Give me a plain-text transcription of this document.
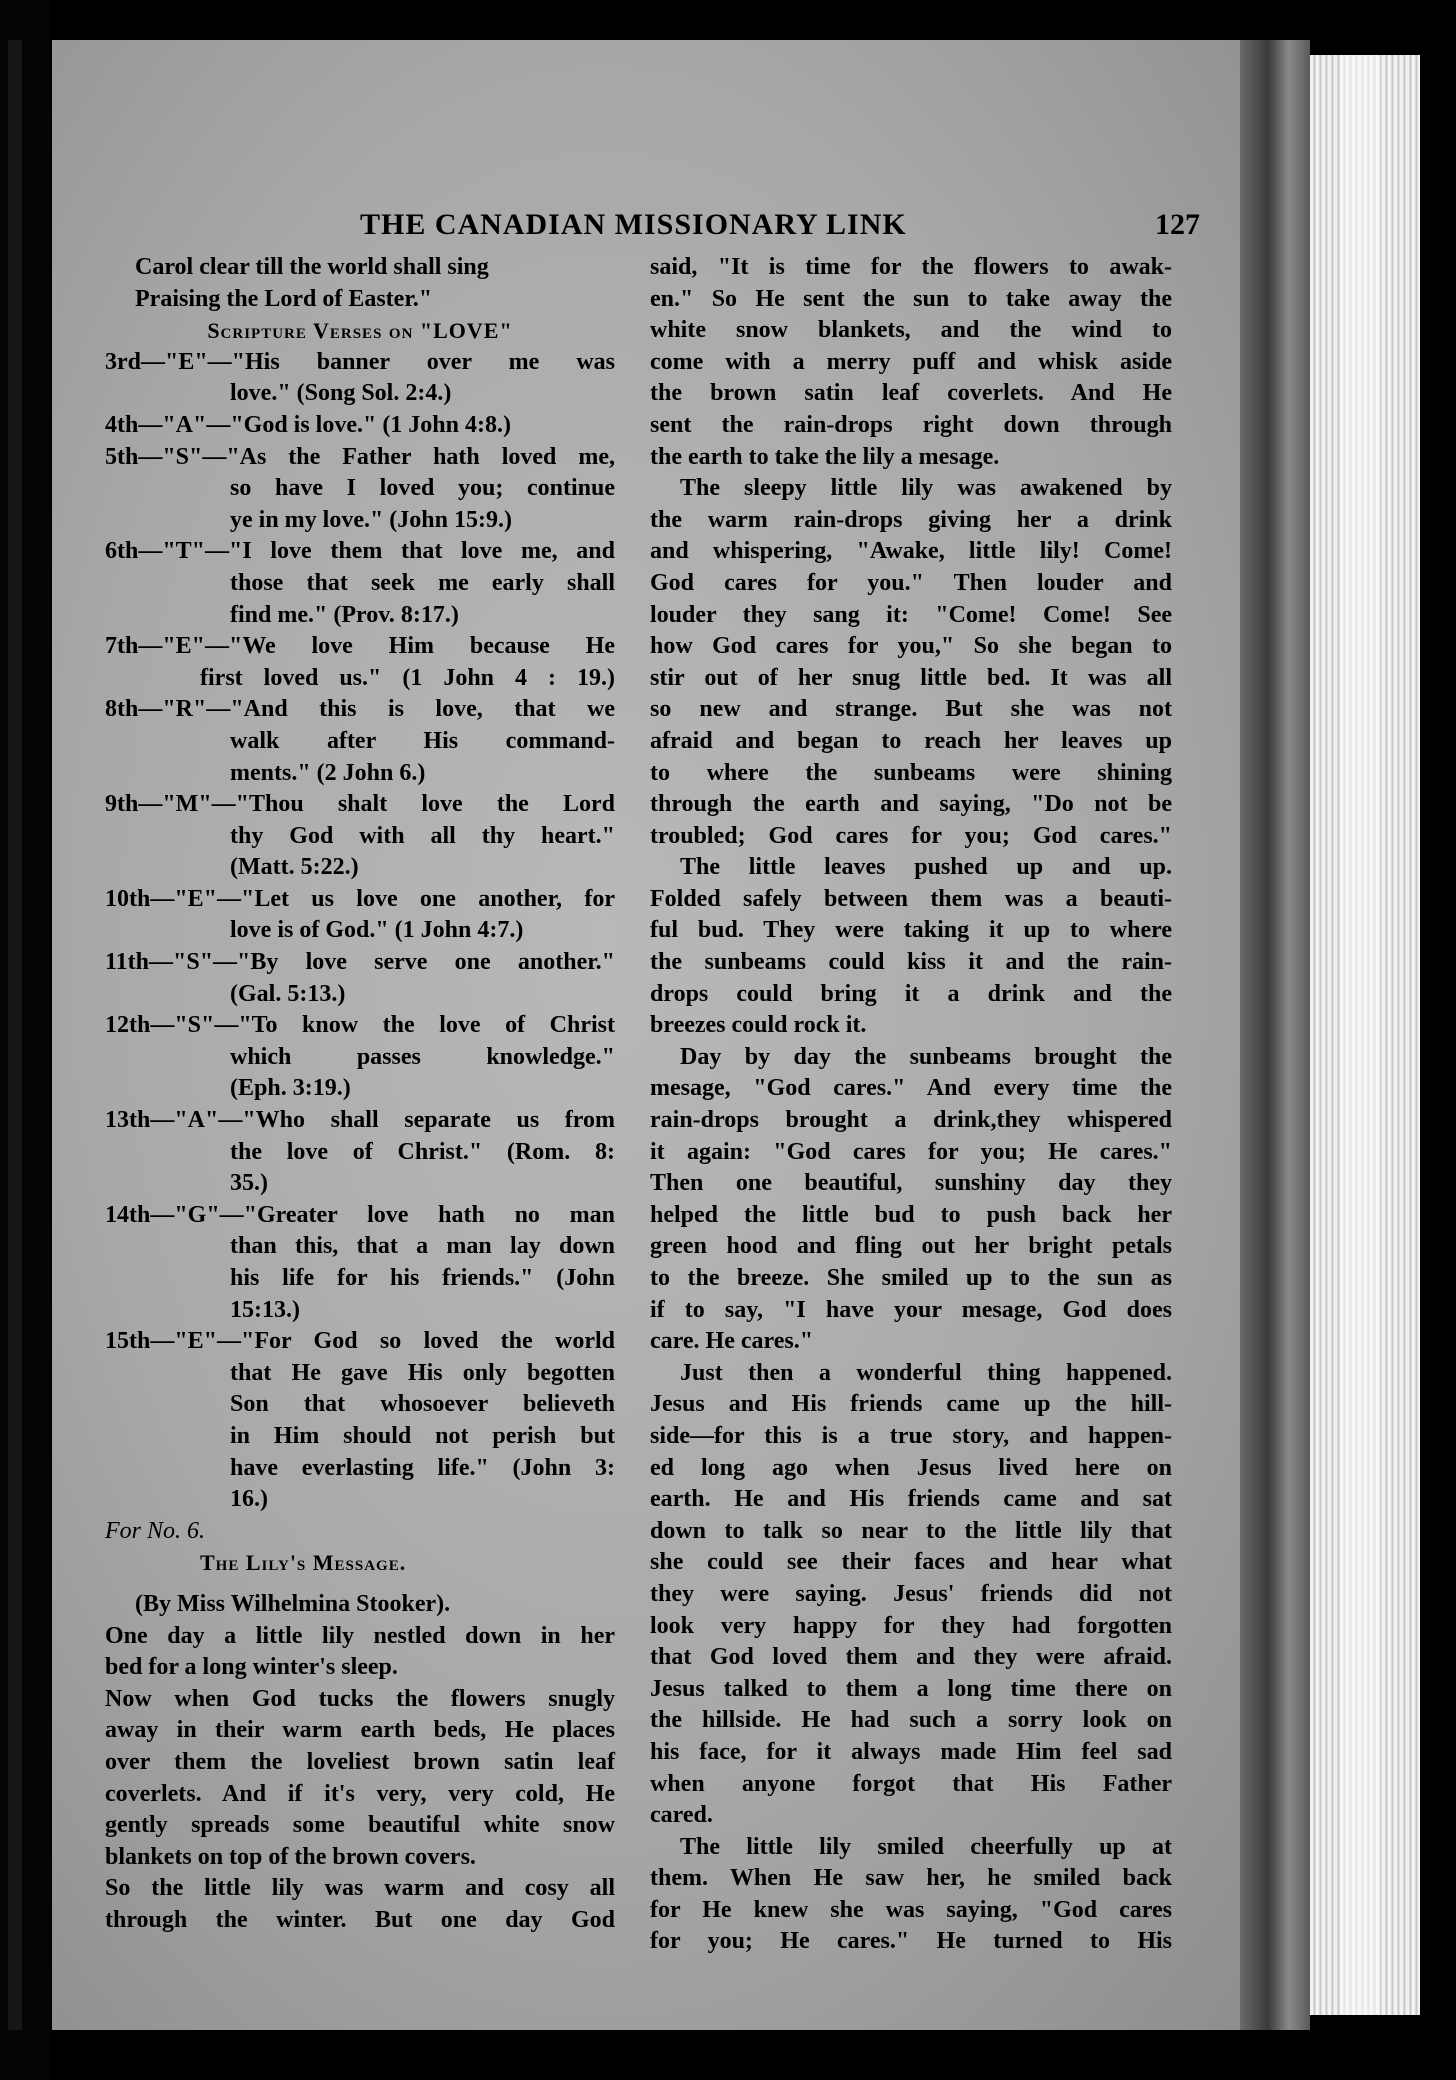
THE CANADIAN MISSIONARY LINK	127
Carol clear till the world shall sing
Praising the Lord of Easter."
Scripture Verses on "LOVE"
3rd—"E"—"His banner over me was
love." (Song Sol. 2:4.)
4th—"A"—"God is love." (1 John 4:8.)
5th—"S"—"As the Father hath loved me,
so have I loved you; continue
ye in my love." (John 15:9.)
6th—"T"—"I love them that love me, and
those that seek me early shall
find me." (Prov. 8:17.)
7th—"E"—"We love Him because He
first loved us." (1 John 4 : 19.)
8th—"R"—"And this is love, that we
walk after His command-
ments." (2 John 6.)
9th—"M"—"Thou shalt love the Lord
thy God with all thy heart."
(Matt. 5:22.)
10th—"E"—"Let us love one another, for
love is of God." (1 John 4:7.)
11th—"S"—"By love serve one another."
(Gal. 5:13.)
12th—"S"—"To know the love of Christ
which passes knowledge."
(Eph. 3:19.)
13th—"A"—"Who shall separate us from
the love of Christ." (Rom. 8:
35.)
14th—"G"—"Greater love hath no man
than this, that a man lay down
his life for his friends." (John
15:13.)
15th—"E"—"For God so loved the world
that He gave His only begotten
Son that whosoever believeth
in Him should not perish but
have everlasting life." (John 3:
16.)
For No. 6.
The Lily's Message.
(By Miss Wilhelmina Stooker).
One day a little lily nestled down in her
bed for a long winter's sleep.
Now when God tucks the flowers snugly
away in their warm earth beds, He places
over them the loveliest brown satin leaf
coverlets. And if it's very, very cold, He
gently spreads some beautiful white snow
blankets on top of the brown covers.
So the little lily was warm and cosy all
through the winter. But one day God
said, "It is time for the flowers to awak-
en." So He sent the sun to take away the
white snow blankets, and the wind to
come with a merry puff and whisk aside
the brown satin leaf coverlets. And He
sent the rain-drops right down through
the earth to take the lily a mesage.
The sleepy little lily was awakened by
the warm rain-drops giving her a drink
and whispering, "Awake, little lily! Come!
God cares for you." Then louder and
louder they sang it: "Come! Come! See
how God cares for you," So she began to
stir out of her snug little bed. It was all
so new and strange. But she was not
afraid and began to reach her leaves up
to where the sunbeams were shining
through the earth and saying, "Do not be
troubled; God cares for you; God cares."
The little leaves pushed up and up.
Folded safely between them was a beauti-
ful bud. They were taking it up to where
the sunbeams could kiss it and the rain-
drops could bring it a drink and the
breezes could rock it.
Day by day the sunbeams brought the
mesage, "God cares." And every time the
rain-drops brought a drink,they whispered
it again: "God cares for you; He cares."
Then one beautiful, sunshiny day they
helped the little bud to push back her
green hood and fling out her bright petals
to the breeze. She smiled up to the sun as
if to say, "I have your mesage, God does
care. He cares."
Just then a wonderful thing happened.
Jesus and His friends came up the hill-
side—for this is a true story, and happen-
ed long ago when Jesus lived here on
earth. He and His friends came and sat
down to talk so near to the little lily that
she could see their faces and hear what
they were saying. Jesus' friends did not
look very happy for they had forgotten
that God loved them and they were afraid.
Jesus talked to them a long time there on
the hillside. He had such a sorry look on
his face, for it always made Him feel sad
when anyone forgot that His Father
cared.
The little lily smiled cheerfully up at
them. When He saw her, he smiled back
for He knew she was saying, "God cares
for you; He cares." He turned to His
